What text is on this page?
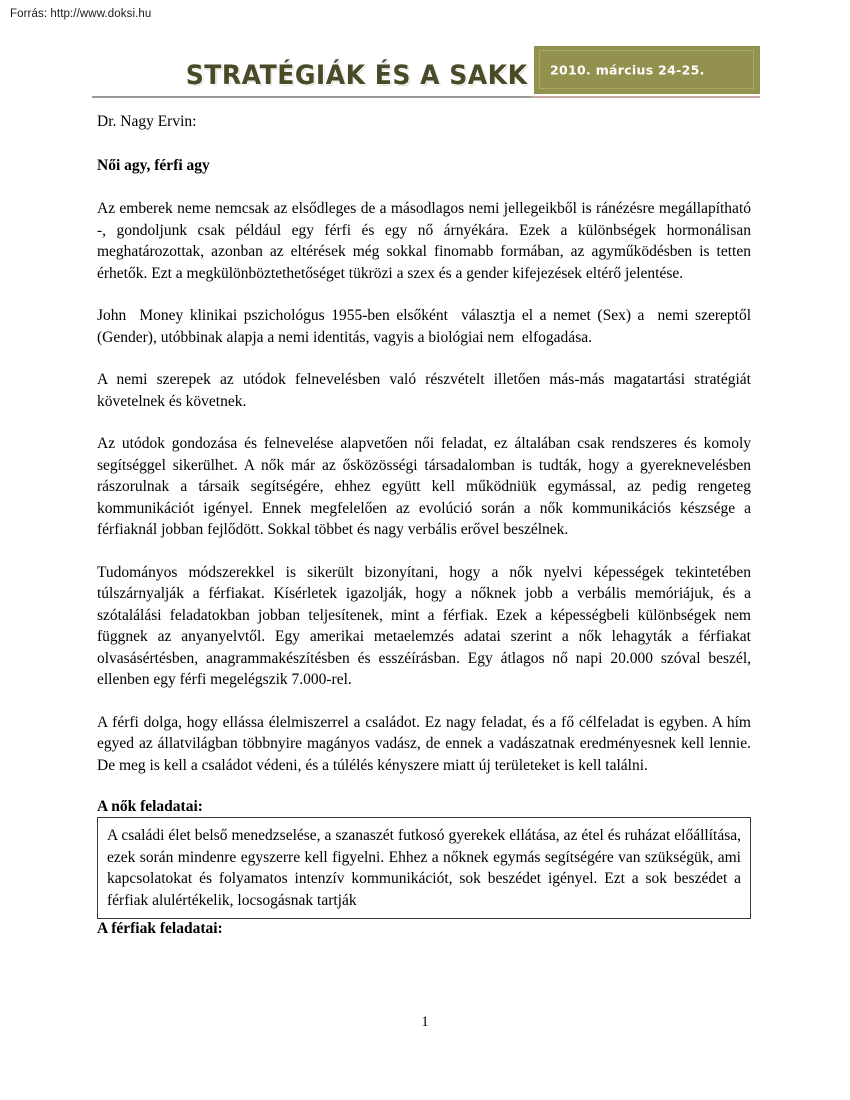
Forrás: http://www.doksi.hu
STRATÉGIÁK ÉS A SAKK 2010. március 24-25.
Dr. Nagy Ervin:
Női agy, férfi agy

Az emberek neme nemcsak az elsődleges de a másodlagos nemi jellegeikből is ránézésre megállapítható -, gondoljunk csak például egy férfi és egy nő árnyékára. Ezek a különbségek hormonálisan meghatározottak, azonban az eltérések még sokkal finomabb formában, az agyműködésben is tetten érhetők. Ezt a megkülönböztethetőséget tükrözi a szex és a gender kifejezések eltérő jelentése.

John  Money klinikai pszichológus 1955-ben elsőként  választja el a nemet (Sex) a  nemi szereptől  (Gender), utóbbinak alapja a nemi identitás, vagyis a biológiai nem  elfogadása.

A nemi szerepek az utódok felnevelésben való részvételt illetően más-más magatartási stratégiát követelnek és követnek.

Az utódok gondozása és felnevelése alapvetően női feladat, ez általában csak rendszeres és komoly segítséggel sikerülhet. A nők már az ősközösségi társadalomban is tudták, hogy a gyereknevelésben rászorulnak a társaik segítségére, ehhez együtt kell működniük egymással, az pedig rengeteg kommunikációt igényel. Ennek megfelelően az evolúció során a nők kommunikációs készsége a férfiaknál jobban fejlődött. Sokkal többet és nagy verbális erővel beszélnek.

Tudományos módszerekkel is sikerült bizonyítani, hogy a nők nyelvi képességek tekintetében túlszárnyalják a férfiakat. Kísérletek igazolják, hogy a nőknek jobb a verbális memóriájuk, és a szótalálási feladatokban jobban teljesítenek, mint a férfiak. Ezek a képességbeli különbségek nem függnek az anyanyelvtől. Egy amerikai metaelemzés adatai szerint a nők lehagyták a férfiakat olvasásértésben, anagrammakészítésben és esszéírásban. Egy átlagos nő napi 20.000 szóval beszél, ellenben egy férfi megelégszik 7.000-rel.

A férfi dolga, hogy ellássa élelmiszerrel a családot. Ez nagy feladat, és a fő célfeladat is egyben. A hím egyed az állatvilágban többnyire magányos vadász, de ennek a vadászatnak eredményesnek kell lennie. De meg is kell a családot védeni, és a túlélés kényszere miatt új területeket is kell találni.

A nők feladatai:

A családi élet belső menedzselése, a szanaszét futkosó gyerekek ellátása, az étel és ruházat előállítása, ezek során mindenre egyszerre kell figyelni. Ehhez a nőknek egymás segítségére van szükségük, ami kapcsolatokat és folyamatos intenzív kommunikációt, sok beszédet igényel. Ezt a sok beszédet a férfiak alulértékelik, locsogásnak tartják

A férfiak feladatai:
1
